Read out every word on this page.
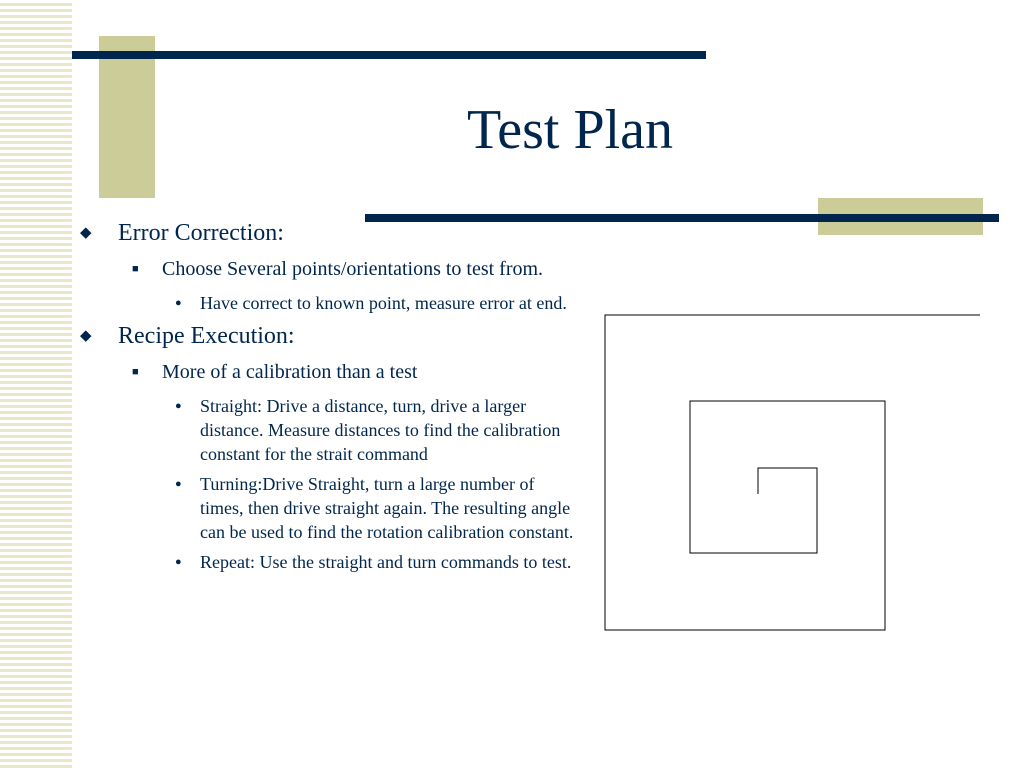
Test Plan
◆ Error Correction:
■ Choose Several points/orientations to test from.
● Have correct to known point, measure error at end.
◆ Recipe Execution:
■ More of a calibration than a test
● Straight: Drive a distance, turn, drive a larger distance. Measure distances to find the calibration constant for the strait command
● Turning:Drive Straight, turn a large number of times, then drive straight again. The resulting angle can be used to find the rotation calibration constant.
● Repeat: Use the straight and turn commands to test.
